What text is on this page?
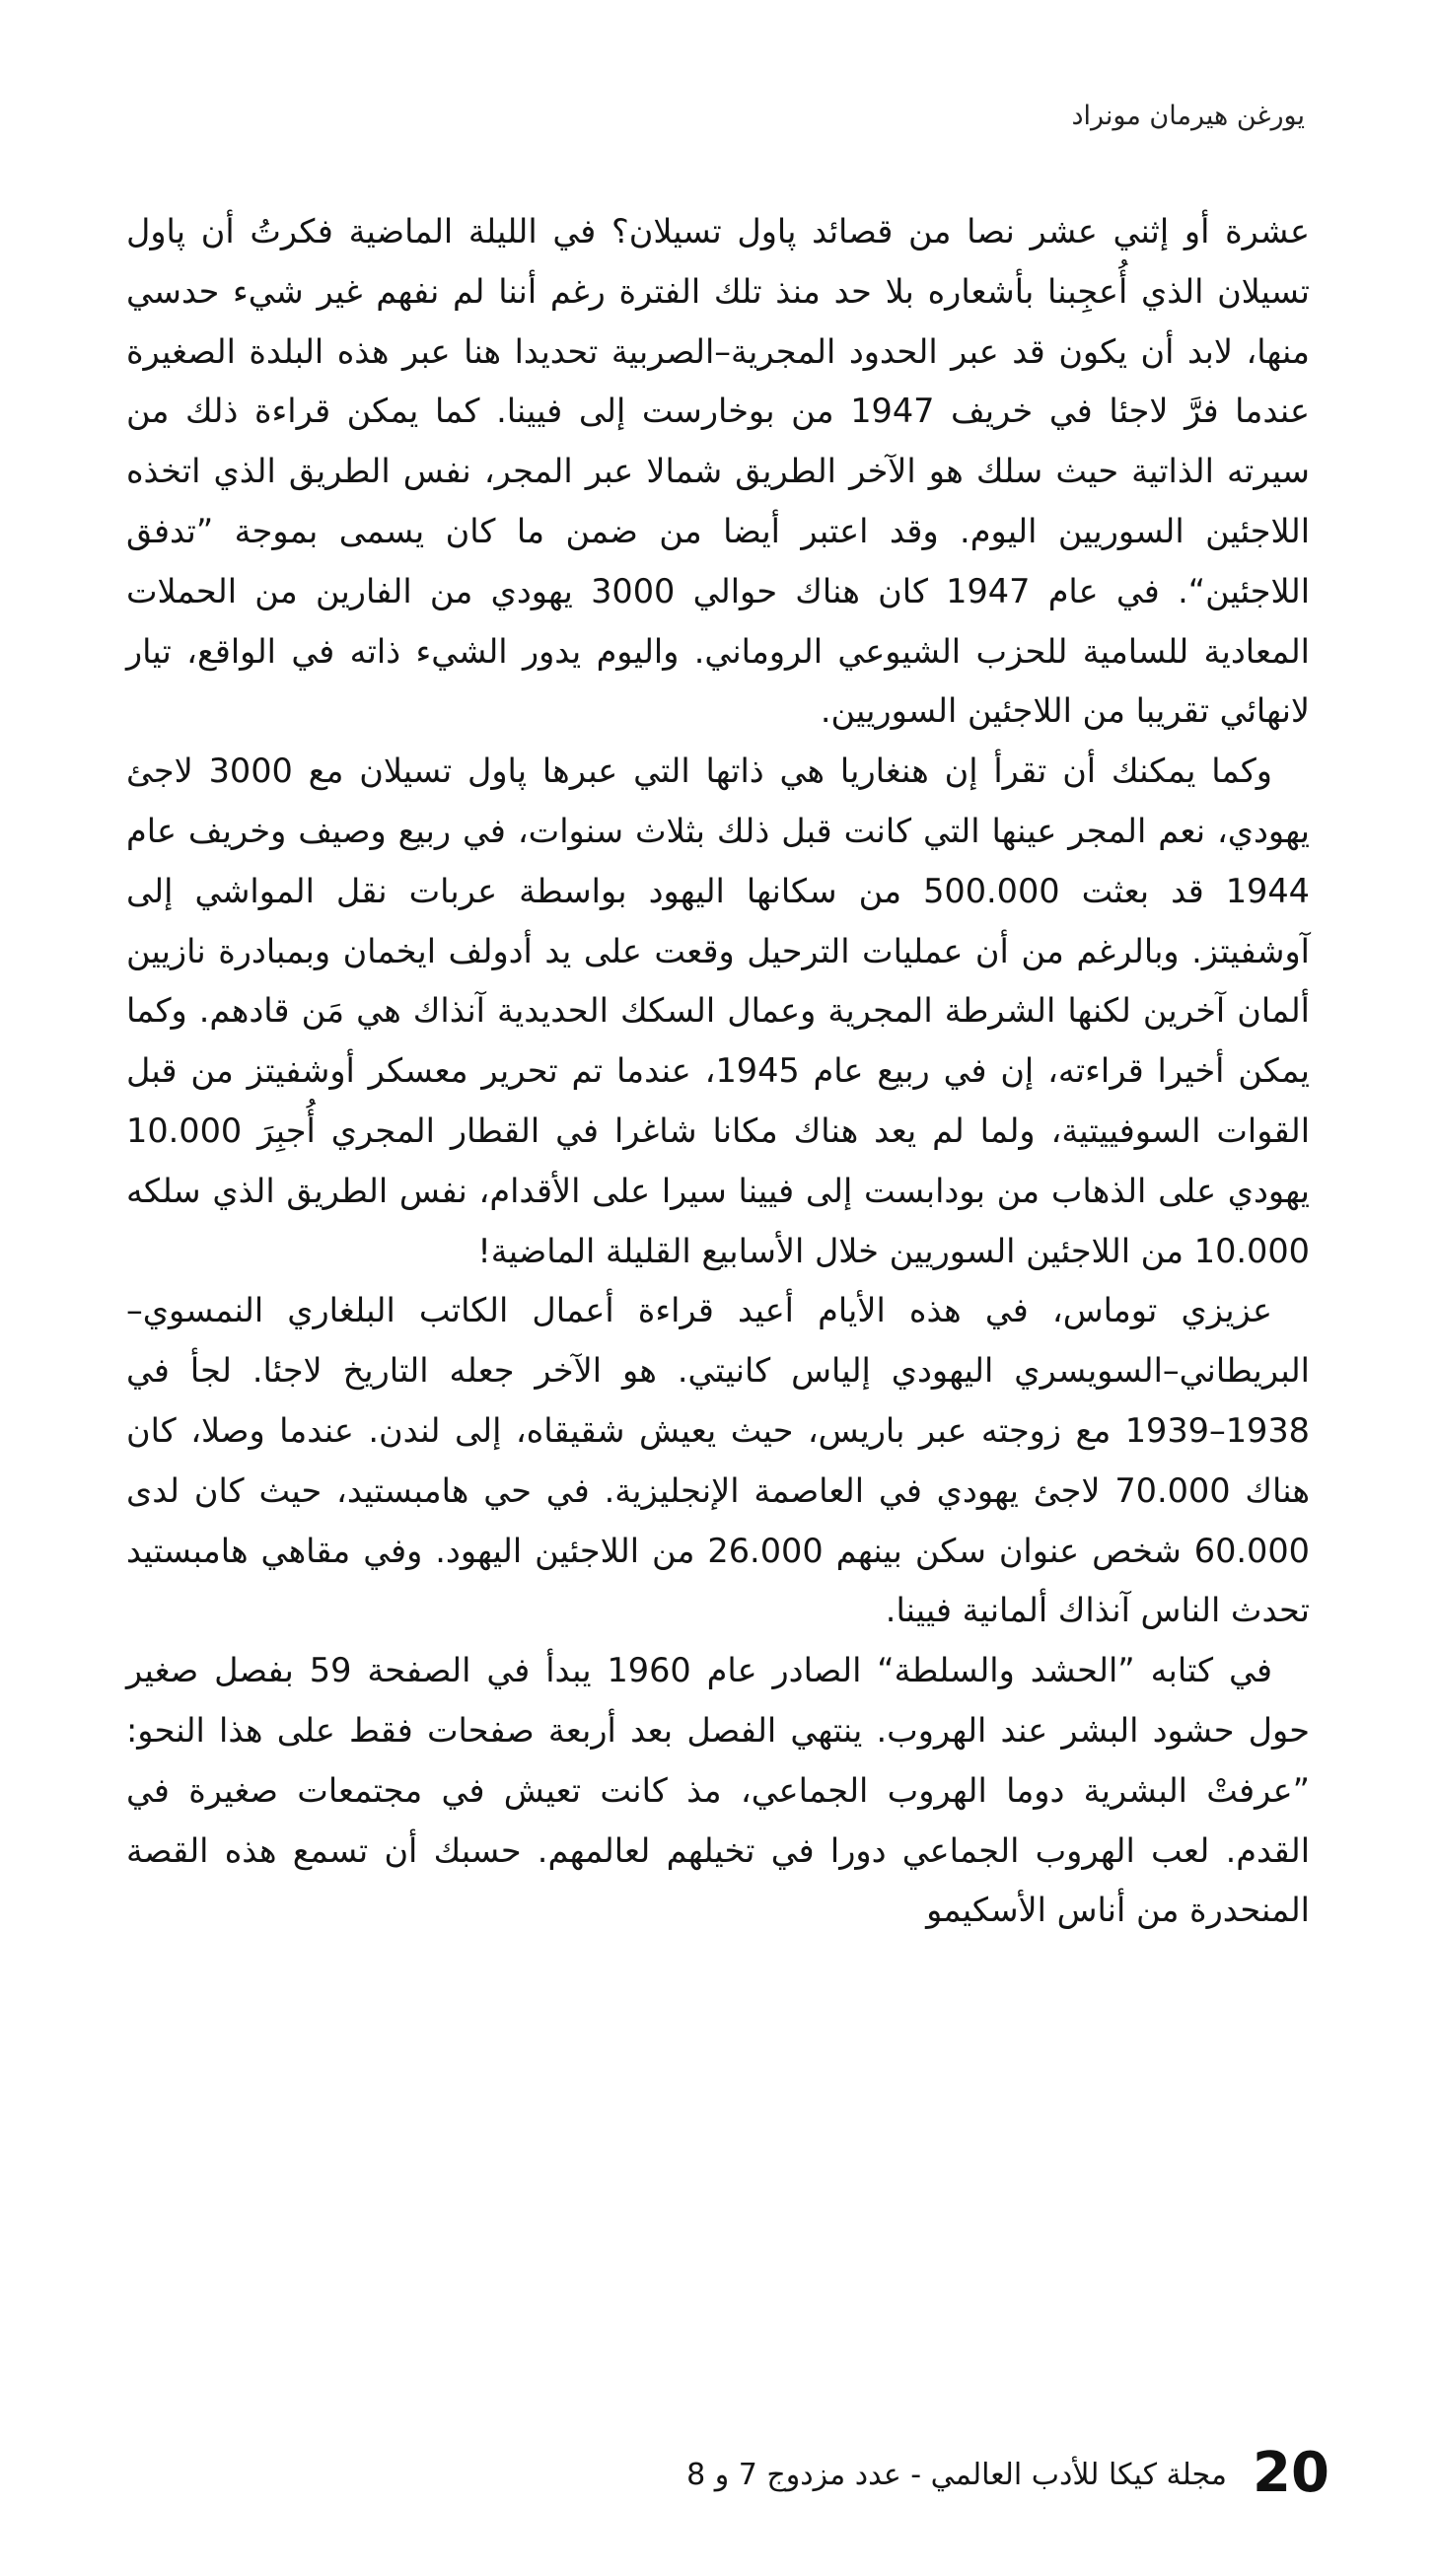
يورغن هيرمان مونراد

عشرة أو إثني عشر نصا من قصائد پاول تسيلان؟ في الليلة الماضية فكرتُ أن پاول تسيلان الذي أُعجِبنا بأشعاره بلا حد منذ تلك الفترة رغم أننا لم نفهم غير شيء حدسي منها، لابد أن يكون قد عبر الحدود المجرية–الصربية تحديدا هنا عبر هذه البلدة الصغيرة عندما فرَّ لاجئا في خريف 1947 من بوخارست إلى فيينا. كما يمكن قراءة ذلك من سيرته الذاتية حيث سلك هو الآخر الطريق شمالا عبر المجر، نفس الطريق الذي اتخذه اللاجئين السوريين اليوم. وقد اعتبر أيضا من ضمن ما كان يسمى بموجة ”تدفق اللاجئين“. في عام 1947 كان هناك حوالي 3000 يهودي من الفارين من الحملات المعادية للسامية للحزب الشيوعي الروماني. واليوم يدور الشيء ذاته في الواقع، تيار لانهائي تقريبا من اللاجئين السوريين.

وكما يمكنك أن تقرأ إن هنغاريا هي ذاتها التي عبرها پاول تسيلان مع 3000 لاجئ يهودي، نعم المجر عينها التي كانت قبل ذلك بثلاث سنوات، في ربيع وصيف وخريف عام 1944 قد بعثت 500.000 من سكانها اليهود بواسطة عربات نقل المواشي إلى آوشفيتز. وبالرغم من أن عمليات الترحيل وقعت على يد أدولف ايخمان وبمبادرة نازيين ألمان آخرين لكنها الشرطة المجرية وعمال السكك الحديدية آنذاك هي مَن قادهم. وكما يمكن أخيرا قراءته، إن في ربيع عام 1945، عندما تم تحرير معسكر أوشفيتز من قبل القوات السوفييتية، ولما لم يعد هناك مكانا شاغرا في القطار المجري أُجبِرَ 10.000 يهودي على الذهاب من بودابست إلى فيينا سيرا على الأقدام، نفس الطريق الذي سلكه 10.000 من اللاجئين السوريين خلال الأسابيع القليلة الماضية!

عزيزي توماس، في هذه الأيام أعيد قراءة أعمال الكاتب البلغاري النمسوي–البريطاني–السويسري اليهودي إلياس كانيتي. هو الآخر جعله التاريخ لاجئا. لجأ في 1938–1939 مع زوجته عبر باريس، حيث يعيش شقيقاه، إلى لندن. عندما وصلا، كان هناك 70.000 لاجئ يهودي في العاصمة الإنجليزية. في حي هامبستيد، حيث كان لدى 60.000 شخص عنوان سكن بينهم 26.000 من اللاجئين اليهود. وفي مقاهي هامبستيد تحدث الناس آنذاك ألمانية فيينا.

في كتابه ”الحشد والسلطة“ الصادر عام 1960 يبدأ في الصفحة 59 بفصل صغير حول حشود البشر عند الهروب. ينتهي الفصل بعد أربعة صفحات فقط على هذا النحو: ”عرفتْ البشرية دوما الهروب الجماعي، مذ كانت تعيش في مجتمعات صغيرة في القدم. لعب الهروب الجماعي دورا في تخيلهم لعالمهم. حسبك أن تسمع هذه القصة المنحدرة من أناس الأسكيمو

مجلة كيكا للأدب العالمي - عدد مزدوج 7 و 8 20
